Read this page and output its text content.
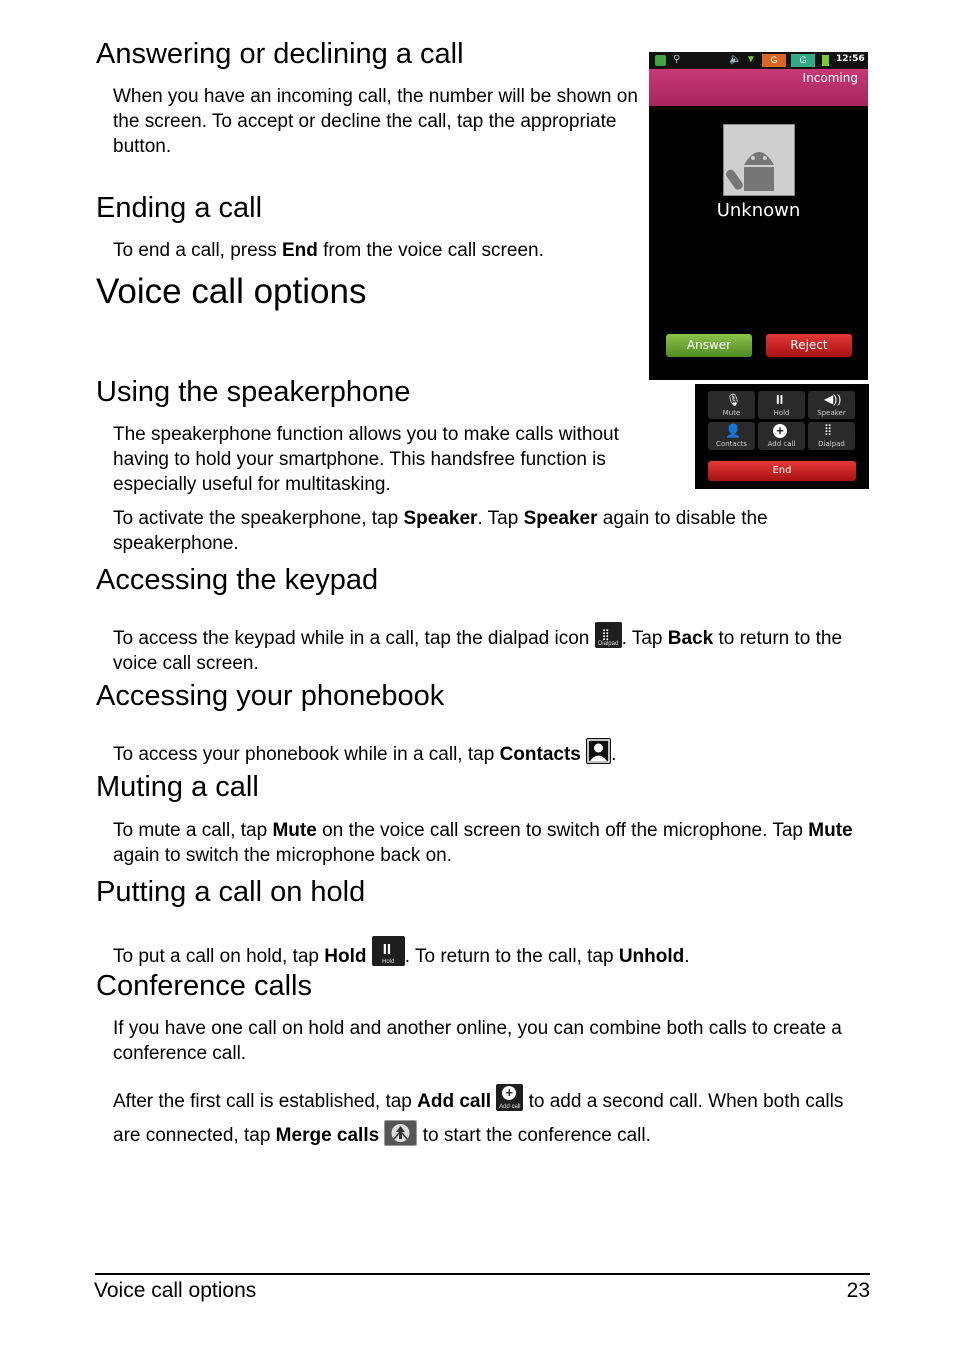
Answering or declining a call

When you have an incoming call, the number will be shown on the screen. To accept or decline the call, tap the appropriate button.

Ending a call

To end a call, press End from the voice call screen.

Voice call options
⚲	🔈 ▼	G	G	12:56
Incoming
Unknown
Answer	Reject
Using the speakerphone

The speakerphone function allows you to make calls without having to hold your smartphone. This handsfree function is especially useful for multitasking.

🎙
Mute
II
Hold
◀))
Speaker
👤
Contacts
+
Add call
⣿
Dialpad
End

To activate the speakerphone, tap Speaker. Tap Speaker again to disable the speakerphone.

Accessing the keypad

To access the keypad while in a call, tap the dialpad icon ⣿
Dialpad . Tap Back to return to the voice call screen.

Accessing your phonebook

To access your phonebook while in a call, tap Contacts .

Muting a call

To mute a call, tap Mute on the voice call screen to switch off the microphone. Tap Mute again to switch the microphone back on.

Putting a call on hold

To put a call on hold, tap Hold II
Hold . To return to the call, tap Unhold.

Conference calls

If you have one call on hold and another online, you can combine both calls to create a conference call.

After the first call is established, tap Add call +
Add call to add a second call. When both calls are connected, tap Merge calls  to start the conference call.

Voice call options	23
